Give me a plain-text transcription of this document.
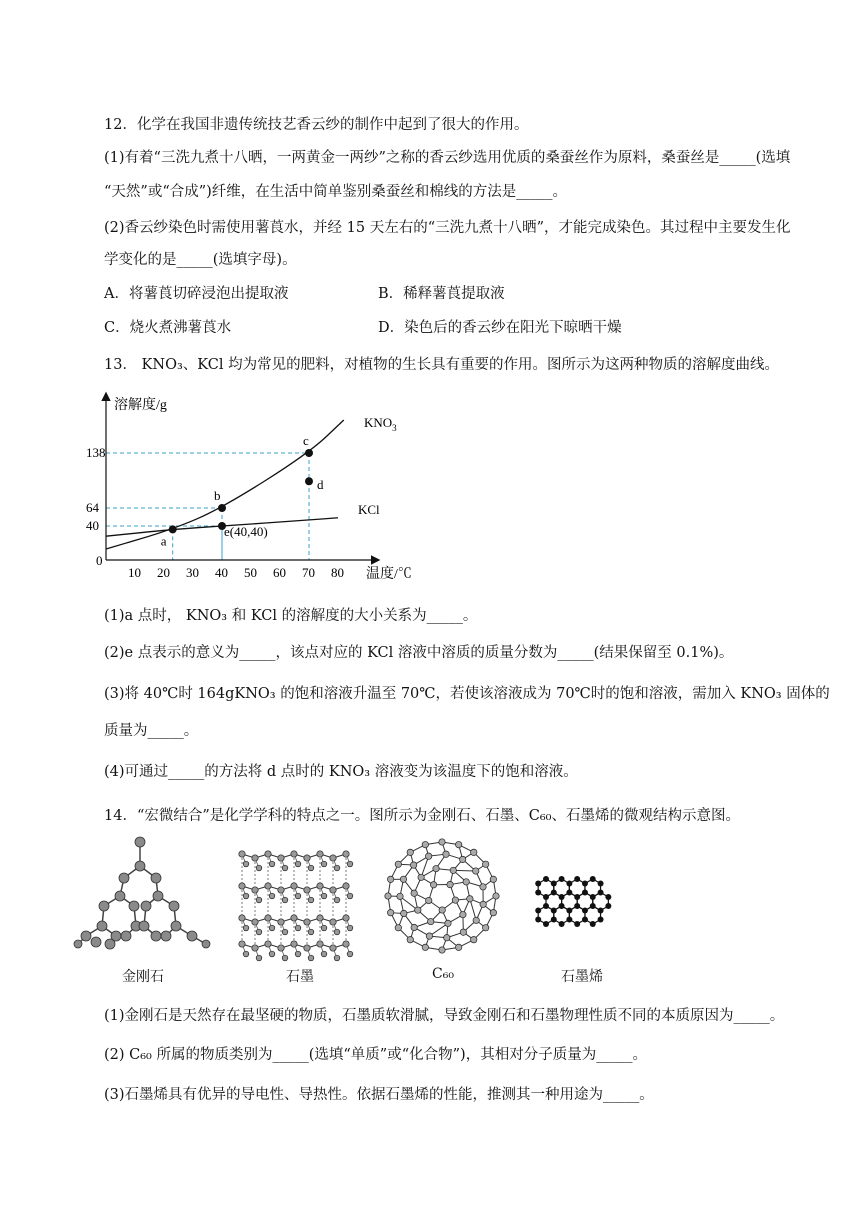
12．化学在我国非遗传统技艺香云纱的制作中起到了很大的作用。
(1)有着“三洗九煮十八晒，一两黄金一两纱”之称的香云纱选用优质的桑蚕丝作为原料，桑蚕丝是_____(选填
“天然”或“合成”)纤维，在生活中简单鉴别桑蚕丝和棉线的方法是_____。
(2)香云纱染色时需使用薯莨水，并经 15 天左右的“三洗九煮十八晒”，才能完成染色。其过程中主要发生化
学变化的是_____(选填字母)。
A．将薯莨切碎浸泡出提取液	B．稀释薯莨提取液
C．烧火煮沸薯莨水	D．染色后的香云纱在阳光下晾晒干燥
13． KNO₃、KCl 均为常见的肥料，对植物的生长具有重要的作用。图所示为这两种物质的溶解度曲线。
溶解度/g
温度/℃
0
10 20 30 40 50 60 70 80
40
64
138
a
b
c
d
e(40,40)
$KNO_3$
KCl
(1)a 点时， KNO₃ 和 KCl 的溶解度的大小关系为_____。
(2)e 点表示的意义为_____，该点对应的 KCl 溶液中溶质的质量分数为_____(结果保留至 0.1%)。
(3)将 40℃时 164gKNO₃ 的饱和溶液升温至 70℃，若使该溶液成为 70℃时的饱和溶液，需加入 KNO₃ 固体的
质量为_____。
(4)可通过_____的方法将 d 点时的 KNO₃ 溶液变为该温度下的饱和溶液。
14．“宏微结合”是化学学科的特点之一。图所示为金刚石、石墨、C₆₀、石墨烯的微观结构示意图。
金刚石	石墨	C₆₀	石墨烯
(1)金刚石是天然存在最坚硬的物质，石墨质软滑腻，导致金刚石和石墨物理性质不同的本质原因为_____。
(2) C₆₀ 所属的物质类别为_____(选填“单质”或“化合物”)，其相对分子质量为_____。
(3)石墨烯具有优异的导电性、导热性。依据石墨烯的性能，推测其一种用途为_____。
